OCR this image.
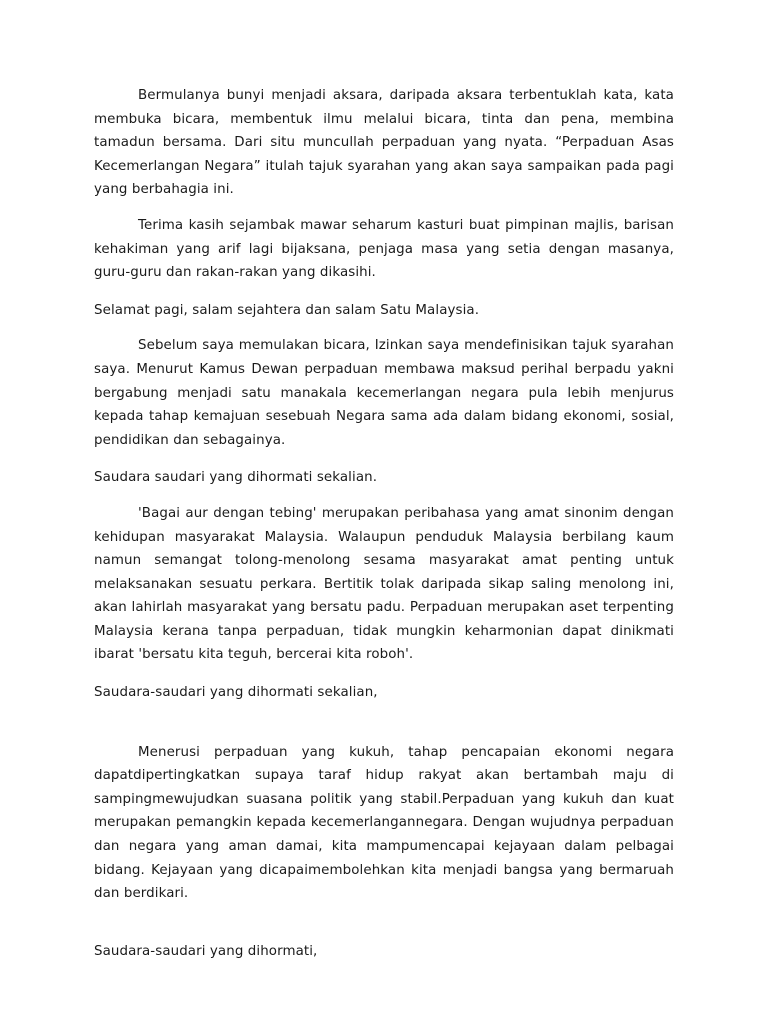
Bermulanya bunyi menjadi aksara, daripada aksara terbentuklah kata, kata membuka bicara, membentuk ilmu melalui bicara, tinta dan pena, membina tamadun bersama. Dari situ muncullah perpaduan yang nyata. “Perpaduan Asas Kecemerlangan Negara” itulah tajuk syarahan yang akan saya sampaikan pada pagi yang berbahagia ini.

Terima kasih sejambak mawar seharum kasturi buat pimpinan majlis, barisan kehakiman yang arif lagi bijaksana, penjaga masa yang setia dengan masanya, guru-guru dan rakan-rakan yang dikasihi.

Selamat pagi, salam sejahtera dan salam Satu Malaysia.

Sebelum saya memulakan bicara, Izinkan saya mendefinisikan tajuk syarahan saya. Menurut Kamus Dewan perpaduan membawa maksud perihal berpadu yakni bergabung menjadi satu manakala kecemerlangan negara pula lebih menjurus kepada tahap kemajuan sesebuah Negara sama ada dalam bidang ekonomi, sosial, pendidikan dan sebagainya.

Saudara saudari yang dihormati sekalian.

'Bagai aur dengan tebing' merupakan peribahasa yang amat sinonim dengan kehidupan masyarakat Malaysia. Walaupun penduduk Malaysia berbilang kaum namun semangat tolong-menolong sesama masyarakat amat penting untuk melaksanakan sesuatu perkara. Bertitik tolak daripada sikap saling menolong ini, akan lahirlah masyarakat yang bersatu padu. Perpaduan merupakan aset terpenting Malaysia kerana tanpa perpaduan, tidak mungkin keharmonian dapat dinikmati ibarat 'bersatu kita teguh, bercerai kita roboh'.

Saudara-saudari yang dihormati sekalian,

Menerusi perpaduan yang kukuh, tahap pencapaian ekonomi negara dapatdipertingkatkan supaya taraf hidup rakyat akan bertambah maju di sampingmewujudkan suasana politik yang stabil.Perpaduan yang kukuh dan kuat merupakan pemangkin kepada kecemerlangannegara. Dengan wujudnya perpaduan dan negara yang aman damai, kita mampumencapai kejayaan dalam pelbagai bidang. Kejayaan yang dicapaimembolehkan kita menjadi bangsa yang bermaruah dan berdikari.

Saudara-saudari yang dihormati,
